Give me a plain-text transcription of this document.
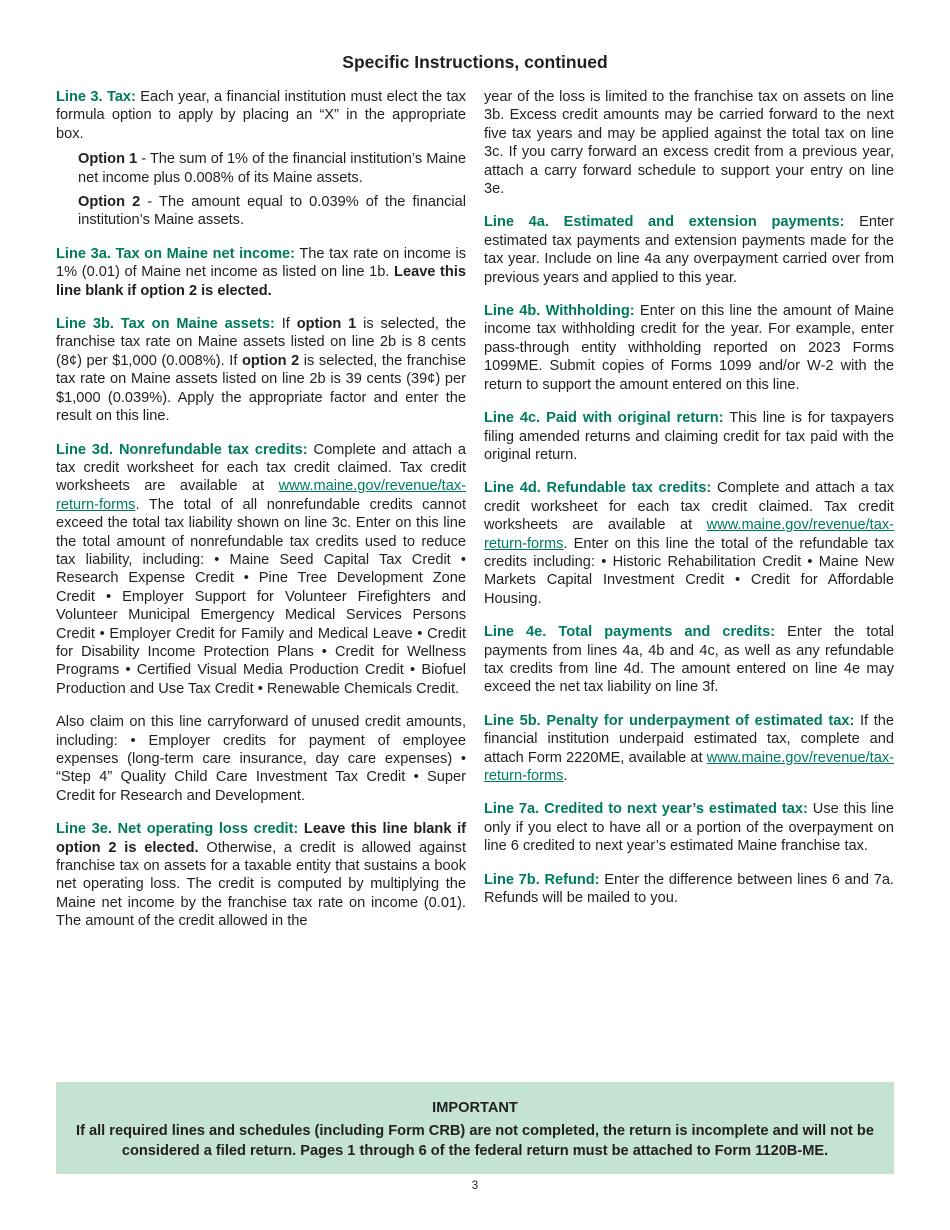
Specific Instructions, continued

Line 3. Tax: Each year, a financial institution must elect the tax formula option to apply by placing an “X” in the appropriate box.

Option 1 - The sum of 1% of the financial institution’s Maine net income plus 0.008% of its Maine assets.

Option 2 - The amount equal to 0.039% of the financial institution’s Maine assets.

Line 3a. Tax on Maine net income: The tax rate on income is 1% (0.01) of Maine net income as listed on line 1b. Leave this line blank if option 2 is elected.

Line 3b. Tax on Maine assets: If option 1 is selected, the franchise tax rate on Maine assets listed on line 2b is 8 cents (8¢) per $1,000 (0.008%). If option 2 is selected, the franchise tax rate on Maine assets listed on line 2b is 39 cents (39¢) per $1,000 (0.039%). Apply the appropriate factor and enter the result on this line.

Line 3d. Nonrefundable tax credits: Complete and attach a tax credit worksheet for each tax credit claimed. Tax credit worksheets are available at www.maine.gov/revenue/tax-return-forms. The total of all nonrefundable credits cannot exceed the total tax liability shown on line 3c. Enter on this line the total amount of nonrefundable tax credits used to reduce tax liability, including: • Maine Seed Capital Tax Credit • Research Expense Credit • Pine Tree Development Zone Credit • Employer Support for Volunteer Firefighters and Volunteer Municipal Emergency Medical Services Persons Credit • Employer Credit for Family and Medical Leave • Credit for Disability Income Protection Plans • Credit for Wellness Programs • Certified Visual Media Production Credit • Biofuel Production and Use Tax Credit • Renewable Chemicals Credit.

Also claim on this line carryforward of unused credit amounts, including: • Employer credits for payment of employee expenses (long-term care insurance, day care expenses) • “Step 4” Quality Child Care Investment Tax Credit • Super Credit for Research and Development.

Line 3e. Net operating loss credit: Leave this line blank if option 2 is elected. Otherwise, a credit is allowed against franchise tax on assets for a taxable entity that sustains a book net operating loss. The credit is computed by multiplying the Maine net income by the franchise tax rate on income (0.01). The amount of the credit allowed in the

year of the loss is limited to the franchise tax on assets on line 3b. Excess credit amounts may be carried forward to the next five tax years and may be applied against the total tax on line 3c. If you carry forward an excess credit from a previous year, attach a carry forward schedule to support your entry on line 3e.

Line 4a. Estimated and extension payments: Enter estimated tax payments and extension payments made for the tax year. Include on line 4a any overpayment carried over from previous years and applied to this year.

Line 4b. Withholding: Enter on this line the amount of Maine income tax withholding credit for the year. For example, enter pass-through entity withholding reported on 2023 Forms 1099ME. Submit copies of Forms 1099 and/or W-2 with the return to support the amount entered on this line.

Line 4c. Paid with original return: This line is for taxpayers filing amended returns and claiming credit for tax paid with the original return.

Line 4d. Refundable tax credits: Complete and attach a tax credit worksheet for each tax credit claimed. Tax credit worksheets are available at www.maine.gov/revenue/tax-return-forms. Enter on this line the total of the refundable tax credits including: • Historic Rehabilitation Credit • Maine New Markets Capital Investment Credit • Credit for Affordable Housing.

Line 4e. Total payments and credits: Enter the total payments from lines 4a, 4b and 4c, as well as any refundable tax credits from line 4d. The amount entered on line 4e may exceed the net tax liability on line 3f.

Line 5b. Penalty for underpayment of estimated tax: If the financial institution underpaid estimated tax, complete and attach Form 2220ME, available at www.maine.gov/revenue/tax-return-forms.

Line 7a. Credited to next year’s estimated tax: Use this line only if you elect to have all or a portion of the overpayment on line 6 credited to next year’s estimated Maine franchise tax.

Line 7b. Refund: Enter the difference between lines 6 and 7a. Refunds will be mailed to you.

IMPORTANT
If all required lines and schedules (including Form CRB) are not completed, the return is incomplete and will not be considered a filed return. Pages 1 through 6 of the federal return must be attached to Form 1120B-ME.
3
